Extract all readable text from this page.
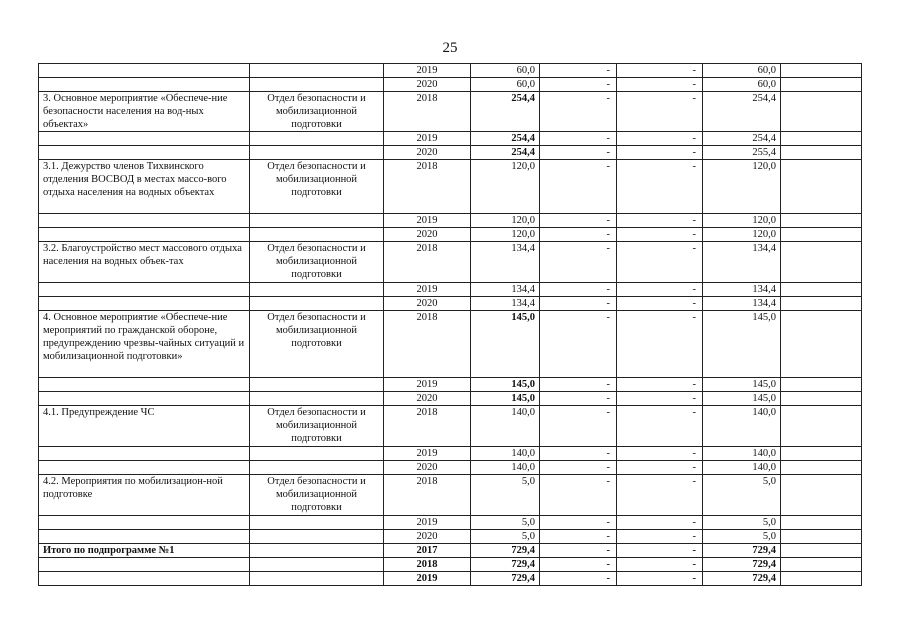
25
		2019	60,0	-	-	60,0	
		2020	60,0	-	-	60,0	
3. Основное мероприятие «Обеспече-ние безопасности населения на вод-ных объектах»	Отдел безопасности и мобилизационной подготовки	2018	254,4	-	-	254,4	
		2019	254,4	-	-	254,4	
		2020	254,4	-	-	255,4	
3.1. Дежурство членов Тихвинского отделения ВОСВОД в местах массо-вого отдыха населения на водных объектах	Отдел безопасности и мобилизационной подготовки	2018	120,0	-	-	120,0	
		2019	120,0	-	-	120,0	
		2020	120,0	-	-	120,0	
3.2. Благоустройство мест массового отдыха населения на водных объек-тах	Отдел безопасности и мобилизационной подготовки	2018	134,4	-	-	134,4	
		2019	134,4	-	-	134,4	
		2020	134,4	-	-	134,4	
4. Основное мероприятие «Обеспече-ние мероприятий по гражданской обороне, предупреждению чрезвы-чайных ситуаций и мобилизационной подготовки»	Отдел безопасности и мобилизационной подготовки	2018	145,0	-	-	145,0	
		2019	145,0	-	-	145,0	
		2020	145,0	-	-	145,0	
4.1. Предупреждение ЧС	Отдел безопасности и мобилизационной подготовки	2018	140,0	-	-	140,0	
		2019	140,0	-	-	140,0	
		2020	140,0	-	-	140,0	
4.2. Мероприятия по мобилизацион-ной подготовке	Отдел безопасности и мобилизационной подготовки	2018	5,0	-	-	5,0	
		2019	5,0	-	-	5,0	
		2020	5,0	-	-	5,0	
Итого по подпрограмме №1		2017	729,4	-	-	729,4	
		2018	729,4	-	-	729,4	
		2019	729,4	-	-	729,4	
